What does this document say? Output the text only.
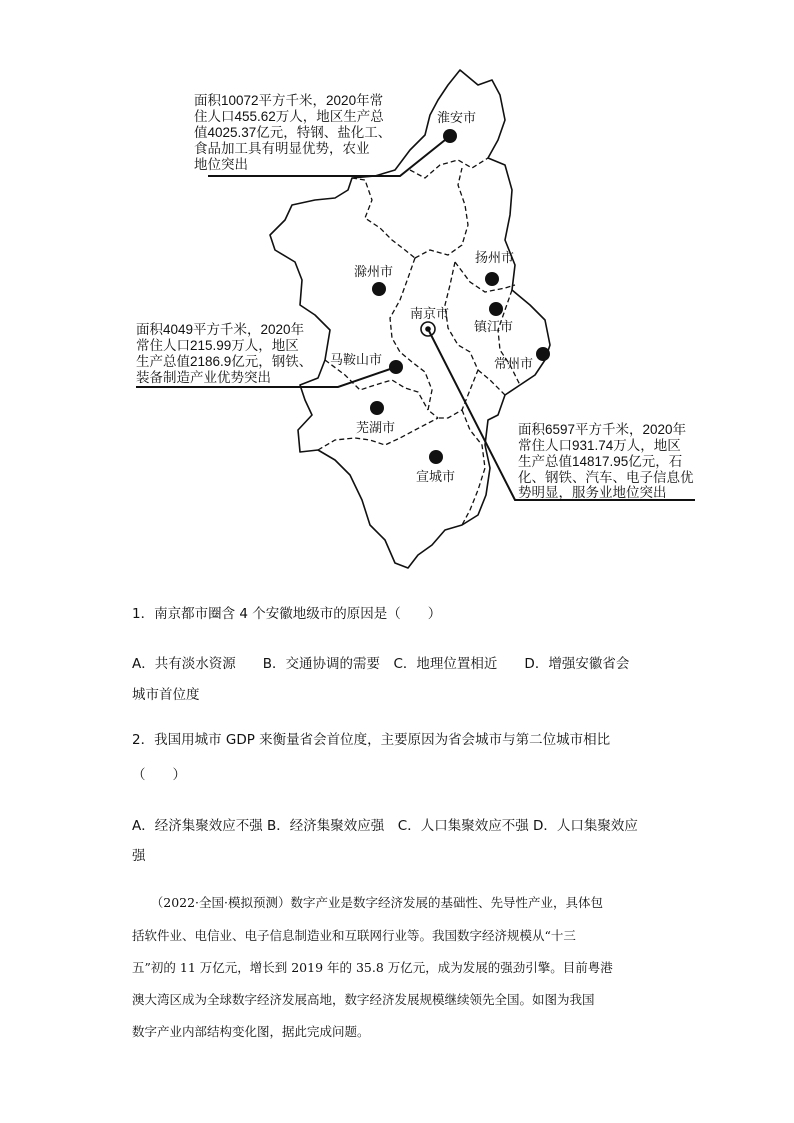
淮安市
滁州市
扬州市
南京市
镇江市
常州市
芜湖市
宣城市
面积10072平方千米，2020年常
住人口455.62万人，地区生产总
值4025.37亿元，特钢、盐化工、
食品加工具有明显优势，农业
地位突出
面积4049平方千米，2020年
常住人口215.99万人，地区
生产总值2186.9亿元，钢铁、
装备制造产业优势突出
马鞍山市
面积6597平方千米，2020年
常住人口931.74万人，地区
生产总值14817.95亿元，石
化、钢铁、汽车、电子信息优
势明显，服务业地位突出
1．南京都市圈含 4 个安徽地级市的原因是（　　）
A．共有淡水资源　　B．交通协调的需要　C．地理位置相近　　D．增强安徽省会
城市首位度
2．我国用城市 GDP 来衡量省会首位度，主要原因为省会城市与第二位城市相比
（　　）
A．经济集聚效应不强 B．经济集聚效应强　C．人口集聚效应不强 D．人口集聚效应
强
　　（2022·全国·模拟预测）数字产业是数字经济发展的基础性、先导性产业，具体包
括软件业、电信业、电子信息制造业和互联网行业等。我国数字经济规模从“十三
五”初的 11 万亿元，增长到 2019 年的 35.8 万亿元，成为发展的强劲引擎。目前粤港
澳大湾区成为全球数字经济发展高地，数字经济发展规模继续领先全国。如图为我国
数字产业内部结构变化图，据此完成问题。
